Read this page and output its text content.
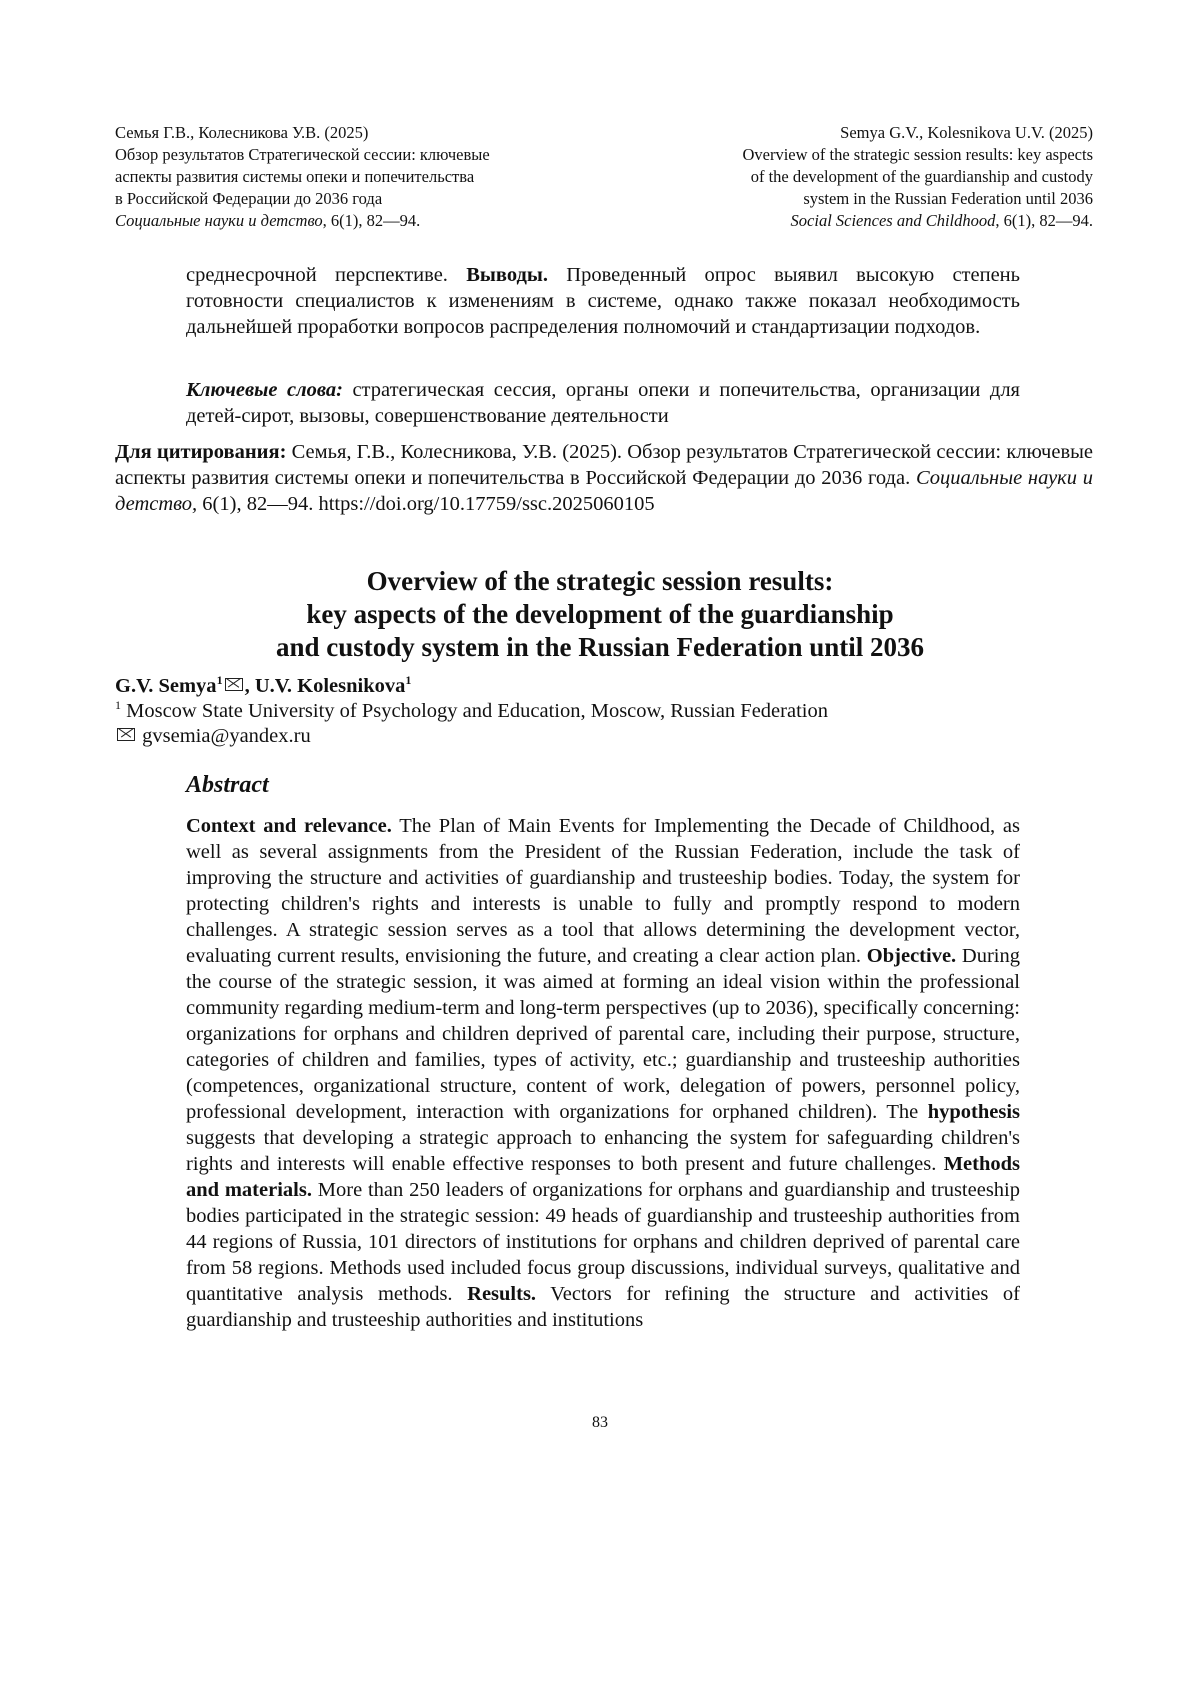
Семья Г.В., Колесникова У.В. (2025)
Обзор результатов Стратегической сессии: ключевые
аспекты развития системы опеки и попечительства
в Российской Федерации до 2036 года
Социальные науки и детство, 6(1), 82—94.
Semya G.V., Kolesnikova U.V. (2025)
Overview of the strategic session results: key aspects
of the development of the guardianship and custody
system in the Russian Federation until 2036
Social Sciences and Childhood, 6(1), 82—94.
среднесрочной перспективе. Выводы. Проведенный опрос выявил высокую степень готовности специалистов к изменениям в системе, однако также показал необходимость дальнейшей проработки вопросов распределения полномочий и стандартизации подходов.
Ключевые слова: стратегическая сессия, органы опеки и попечительства, организации для детей-сирот, вызовы, совершенствование деятельности
Для цитирования: Семья, Г.В., Колесникова, У.В. (2025). Обзор результатов Стратегической сессии: ключевые аспекты развития системы опеки и попечительства в Российской Федерации до 2036 года. Социальные науки и детство, 6(1), 82—94. https://doi.org/10.17759/ssc.2025060105
Overview of the strategic session results:
key aspects of the development of the guardianship
and custody system in the Russian Federation until 2036
G.V. Semya$^1$ , U.V. Kolesnikova$^1$
$^1$ Moscow State University of Psychology and Education, Moscow, Russian Federation
gvsemia@yandex.ru
Abstract
Context and relevance. The Plan of Main Events for Implementing the Decade of Childhood, as well as several assignments from the President of the Russian Federation, include the task of improving the structure and activities of guardianship and trusteeship bodies. Today, the system for protecting children's rights and interests is unable to fully and promptly respond to modern challenges. A strategic session serves as a tool that allows determining the development vector, evaluating current results, envisioning the future, and creating a clear action plan. Objective. During the course of the strategic session, it was aimed at forming an ideal vision within the professional community regarding medium-term and long-term perspectives (up to 2036), specifically concerning: organizations for orphans and children deprived of parental care, including their purpose, structure, categories of children and families, types of activity, etc.; guardianship and trusteeship authorities (competences, organizational structure, content of work, delegation of powers, personnel policy, professional development, interaction with organizations for orphaned children). The hypothesis suggests that developing a strategic approach to enhancing the system for safeguarding children's rights and interests will enable effective responses to both present and future challenges. Methods and materials. More than 250 leaders of organizations for orphans and guardianship and trusteeship bodies participated in the strategic session: 49 heads of guardianship and trusteeship authorities from 44 regions of Russia, 101 directors of institutions for orphans and children deprived of parental care from 58 regions. Methods used included focus group discussions, individual surveys, qualitative and quantitative analysis methods. Results. Vectors for refining the structure and activities of guardianship and trusteeship authorities and institutions
83
